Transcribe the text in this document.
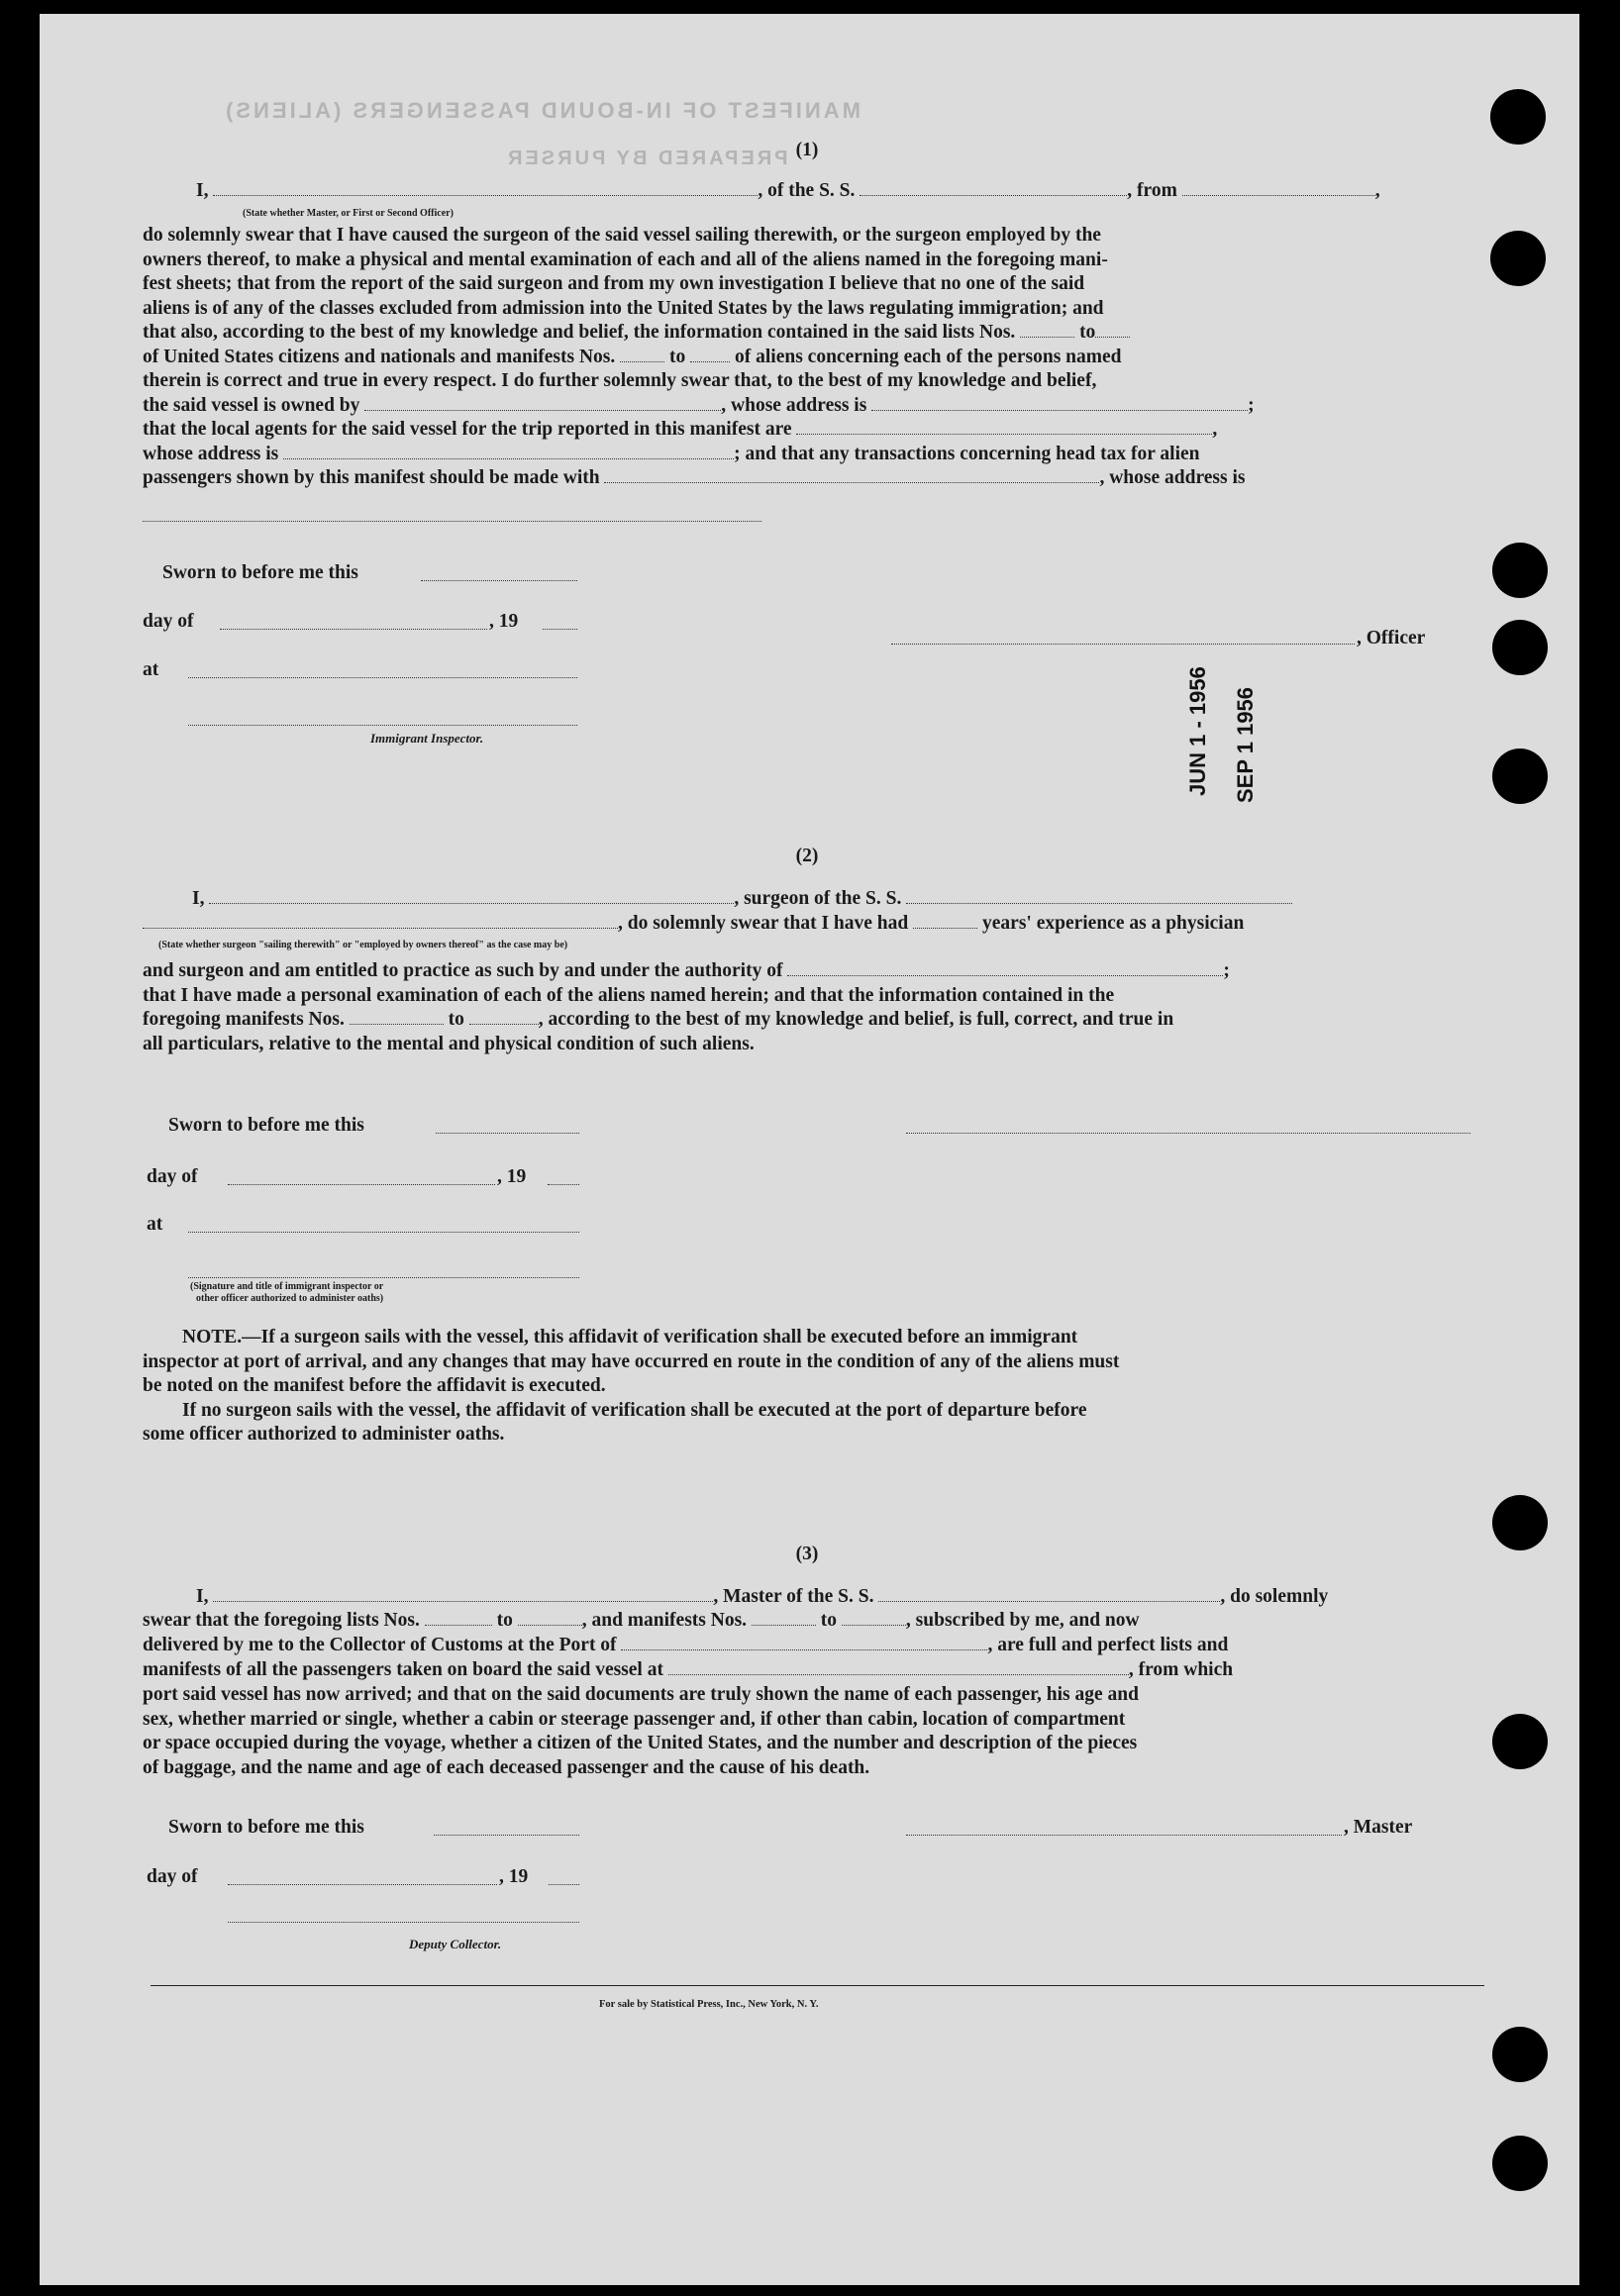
MANIFEST OF IN-BOUND PASSENGERS (ALIENS)
PREPARED BY PURSER (1)
I,	, of the S. S.	, from	,
(State whether Master, or First or Second Officer)
do solemnly swear that I have caused the surgeon of the said vessel sailing therewith, or the surgeon employed by the
owners thereof, to make a physical and mental examination of each and all of the aliens named in the foregoing mani-
fest sheets; that from the report of the said surgeon and from my own investigation I believe that no one of the said
aliens is of any of the classes excluded from admission into the United States by the laws regulating immigration; and
that also, according to the best of my knowledge and belief, the information contained in the said lists Nos.	to
of United States citizens and nationals and manifests Nos.	to	of aliens concerning each of the persons named
therein is correct and true in every respect. I do further solemnly swear that, to the best of my knowledge and belief,
the said vessel is owned by	, whose address is	;
that the local agents for the said vessel for the trip reported in this manifest are	,
whose address is	; and that any transactions concerning head tax for alien
passengers shown by this manifest should be made with	, whose address is
Sworn to before me this
day of	, 19
at
Immigrant Inspector.
, Officer
JUN 1 - 1956 SEP 1 1956
(2)
I,	, surgeon of the S. S.
, do solemnly swear that I have had	years' experience as a physician
(State whether surgeon "sailing therewith" or "employed by owners thereof" as the case may be)
and surgeon and am entitled to practice as such by and under the authority of	;
that I have made a personal examination of each of the aliens named herein; and that the information contained in the
foregoing manifests Nos.	to	, according to the best of my knowledge and belief, is full, correct, and true in
all particulars, relative to the mental and physical condition of such aliens.
Sworn to before me this
day of	, 19
at
(Signature and title of immigrant inspector or
other officer authorized to administer oaths)
NOTE.—If a surgeon sails with the vessel, this affidavit of verification shall be executed before an immigrant
inspector at port of arrival, and any changes that may have occurred en route in the condition of any of the aliens must
be noted on the manifest before the affidavit is executed.
If no surgeon sails with the vessel, the affidavit of verification shall be executed at the port of departure before
some officer authorized to administer oaths.
(3)
I,	, Master of the S. S.	, do solemnly
swear that the foregoing lists Nos.	to	, and manifests Nos.	to	, subscribed by me, and now
delivered by me to the Collector of Customs at the Port of	, are full and perfect lists and
manifests of all the passengers taken on board the said vessel at	, from which
port said vessel has now arrived; and that on the said documents are truly shown the name of each passenger, his age and
sex, whether married or single, whether a cabin or steerage passenger and, if other than cabin, location of compartment
or space occupied during the voyage, whether a citizen of the United States, and the number and description of the pieces
of baggage, and the name and age of each deceased passenger and the cause of his death.
Sworn to before me this	, Master
day of	, 19
Deputy Collector.
For sale by Statistical Press, Inc., New York, N. Y.
